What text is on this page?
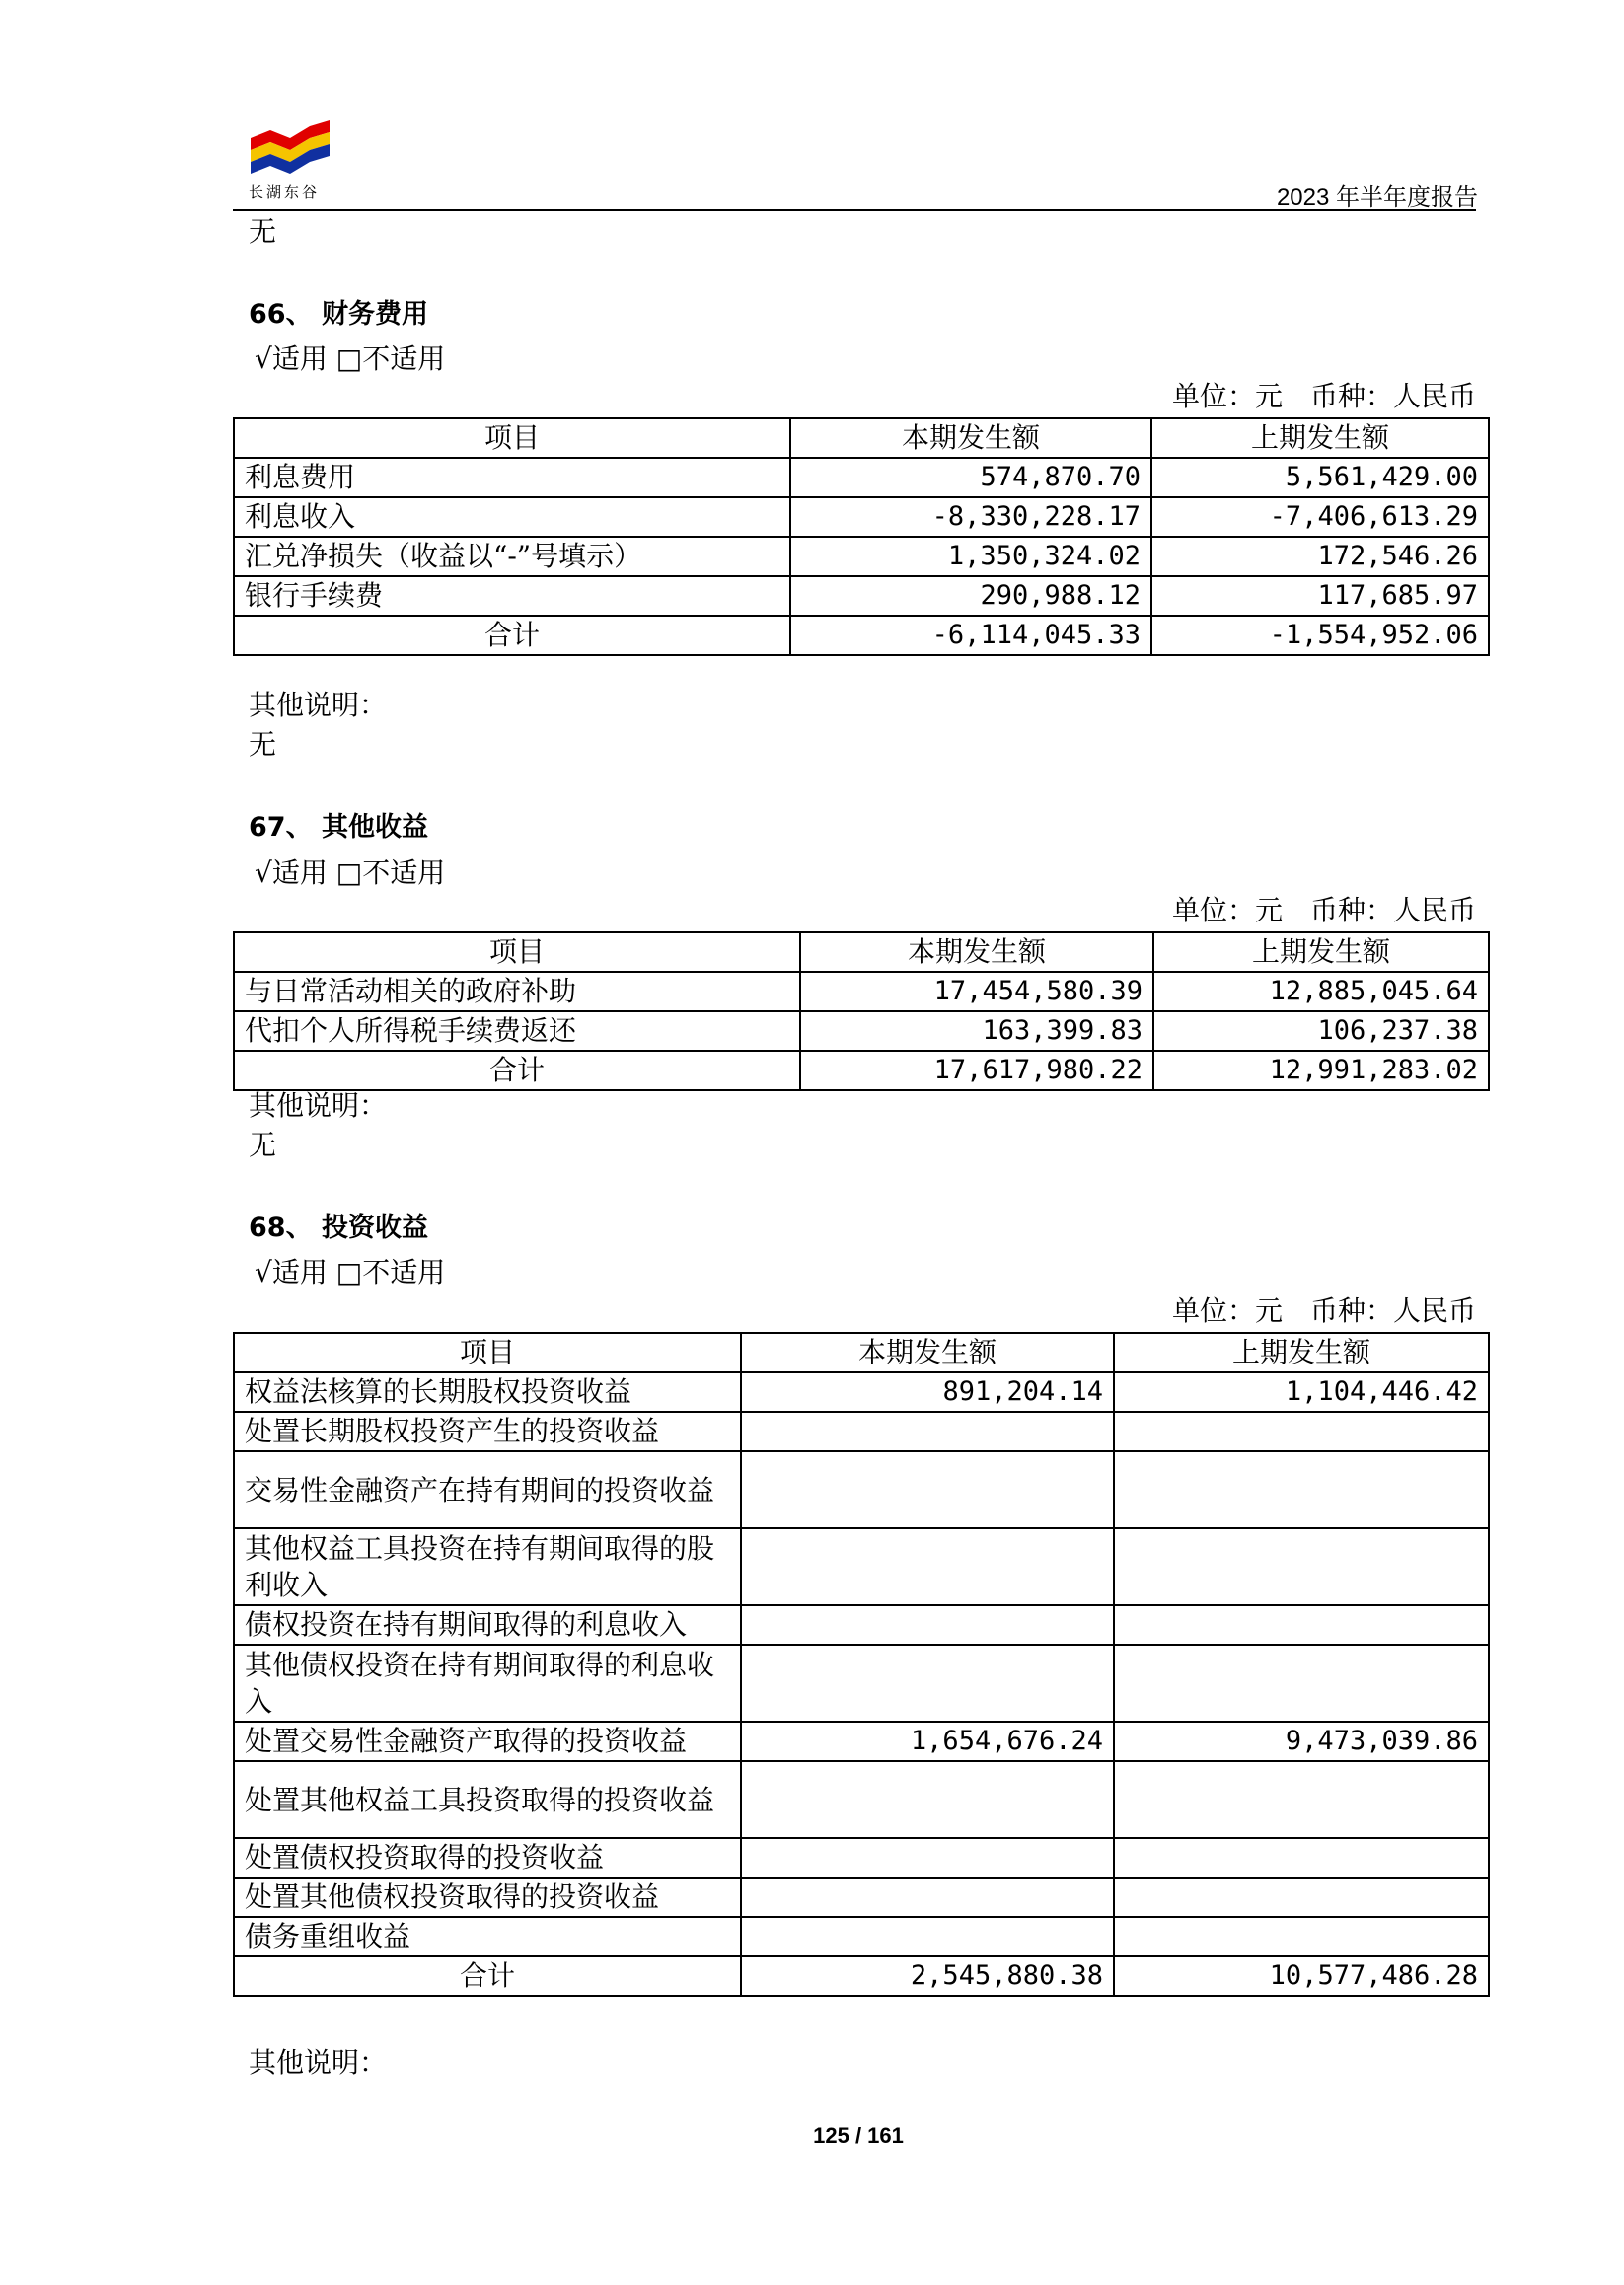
长湖东谷	2023 年半年度报告
无
66、 财务费用
√适用 □不适用
单位：元　币种：人民币
项目	本期发生额	上期发生额
利息费用	574,870.70	5,561,429.00
利息收入	-8,330,228.17	-7,406,613.29
汇兑净损失（收益以“-”号填示）	1,350,324.02	172,546.26
银行手续费	290,988.12	117,685.97
合计	-6,114,045.33	-1,554,952.06
其他说明：
无
67、 其他收益
√适用 □不适用
单位：元　币种：人民币
项目	本期发生额	上期发生额
与日常活动相关的政府补助	17,454,580.39	12,885,045.64
代扣个人所得税手续费返还	163,399.83	106,237.38
合计	17,617,980.22	12,991,283.02
其他说明：
无
68、 投资收益
√适用 □不适用
单位：元　币种：人民币
项目	本期发生额	上期发生额
权益法核算的长期股权投资收益	891,204.14	1,104,446.42
处置长期股权投资产生的投资收益		
交易性金融资产在持有期间的投资收益		
其他权益工具投资在持有期间取得的股利收入		
债权投资在持有期间取得的利息收入		
其他债权投资在持有期间取得的利息收入		
处置交易性金融资产取得的投资收益	1,654,676.24	9,473,039.86
处置其他权益工具投资取得的投资收益		
处置债权投资取得的投资收益		
处置其他债权投资取得的投资收益		
债务重组收益		
合计	2,545,880.38	10,577,486.28
其他说明：
125 / 161
